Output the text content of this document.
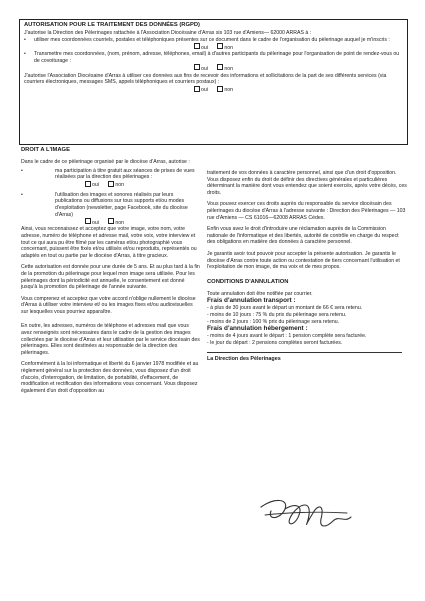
AUTORISATION POUR LE TRAITEMENT DES DONNÉES (RGPD)

J'autorise la Direction des Pèlerinages rattachée à l'Association Diocésaine d'Arras sis 103 rue d'Amiens— 62000 ARRAS à :

•	utiliser mes coordonnées courriels, postales et téléphoniques présentes sur ce document dans le cadre de l'organisation du pèlerinage auquel je m'inscris :
oui	non
•	Transmettre mes coordonnées, (nom, prénom, adresse, téléphones, email) à d'autres participants du pèlerinage pour l'organisation de point de rendez-vous ou de covoiturage :
oui	non

J'autorise l'Association Diocésaine d'Arras à utiliser ces données aux fins de recevoir des informations et sollicitations de la part de ses différents services (via courriers électroniques, messages SMS, appels téléphoniques et courriers postaux) :

oui	non
DROIT A L'IMAGE

Dans le cadre de ce pèlerinage organisé par le diocèse d'Arras, autorise :

•	ma participation à titre gratuit aux séances de prises de vues réalisées par la direction des pèlerinages :
oui	non
•	l'utilisation des images et sonores réalisés par leurs publications ou diffusions sur tous supports et/ou modes d'exploitation (newsletter, page Facebook, site du diocèse d'Arras)
oui	non

Ainsi, vous reconnaissez et acceptez que votre image, votre nom, votre adresse, numéro de téléphone et adresse mail, votre voix, votre interview et tout ce qui aura pu être filmé par les caméras et/ou photographié vous concernant, puissent être fixés et/ou utilisés et/ou reproduits, représentés ou adaptés en tout ou partie par le diocèse d'Arras, à titre gracieux.

Cette autorisation est donnée pour une durée de 5 ans. Et au plus tard à la fin de la promotion du pèlerinage pour lequel mon image sera utilisée. Pour les pèlerinages dont la périodicité est annuelle, le consentement est donné jusqu'à la promotion du pèlerinage de l'année suivante.

Vous comprenez et acceptez que votre accord n'oblige nullement le diocèse d'Arras à utiliser votre interview et/ ou les images fixes et/ou audiovisuelles sur lesquelles vous pourriez apparaître.

En outre, les adresses, numéros de téléphone et adresses mail que vous avez renseignés sont nécessaires dans le cadre de la gestion des images collectées par le diocèse d'Arras et leur utilisation par le service diocésain des pèlerinages. Elles sont destinées au responsable de la direction des pèlerinages.

Conformément à la loi informatique et liberté du 6 janvier 1978 modifiée et au règlement général sur la protection des données, vous disposez d'un droit d'accès, d'interrogation, de limitation, de portabilité, d'effacement, de modification et rectification des informations vous concernant. Vous disposez également d'un droit d'opposition au

traitement de vos données à caractère personnel, ainsi que d'un droit d'opposition. Vous disposez enfin du droit de définir des directives générales et particulières déterminant la manière dont vous entendez que soient exercés, après votre décès, ces droits.

Vous pouvez exercer ces droits auprès du responsable du service diocésain des pèlerinages du diocèse d'Arras à l'adresse suivante : Direction des Pèlerinages — 103 rue d'Amiens — CS 61016—62008 ARRAS Cédex.

Enfin vous avez le droit d'introduire une réclamation auprès de la Commission nationale de l'informatique et des libertés, autorité de contrôle en charge du respect des obligations en matière des données à caractère personnel.

Je garantis avoir tout pouvoir pour accepter la présente autorisation. Je garantis le diocèse d'Arras contre toute action ou contestation de tiers concernant l'utilisation et l'exploitation de mon image, de ma voix et de mes propos.

CONDITIONS D'ANNULATION

Toute annulation doit être notifiée par courrier.

Frais d'annulation transport :

- à plus de 30 jours avant le départ un montant de 66 € sera retenu.

- moins de 10 jours : 75 % du prix du pèlerinage sera retenu.

- moins de 2 jours : 100 % prix du pèlerinage sera retenu.

Frais d'annulation hébergement :

- moins de 4 jours avant le départ : 1 pension complète sera facturée.

- le jour du départ : 2 pensions complètes seront facturées.

La Direction des Pèlerinages
